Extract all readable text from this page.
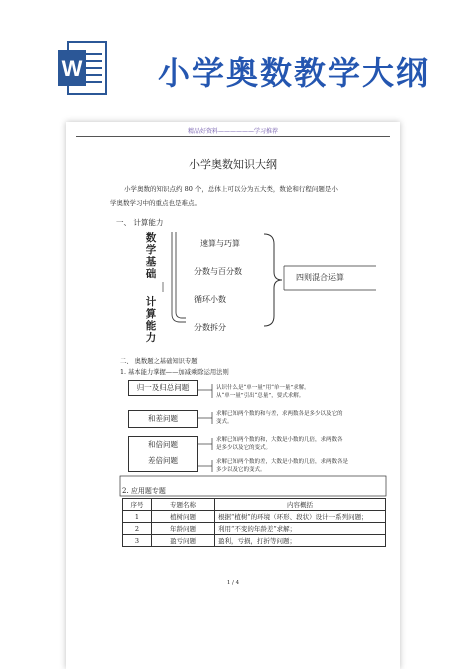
W 小学奥数教学大纲
精品好资料——————学习推荐
小学奥数知识大纲
小学奥数的知识点约 80 个，总体上可以分为五大类，数论和行程问题是小
学奥数学习中的重点也是难点。
一、 计算能力
数
学
基
础
计
算
能
力
速算与巧算
分数与百分数
循环小数
分数拆分
四则混合运算
二、 奥数题之基础知识专题
1. 基本能力掌握——加减乘除运用法则
归一及归总问题	认识什么是“单一量”用“单一量”求解。
从“单一量”引出“总量”，要式求解。
和差问题	求解已知两个数的和与差，求两数各是多少以及它的
变式。
和倍问题
差倍问题
求解已知两个数的和，大数是小数的几倍，求两数各
是多少以及它的变式。
求解已知两个数的差，大数是小数的几倍，求两数各是
多少以及它的变式。
2. 应用题专题
序号	专题名称	内容概括
1	植树问题	根据“植树”的环境（环形、段状）设计一系列问题；
2	年龄问题	利用“不变的年龄差”求解；
3	盈亏问题	盈利，亏损，打折等问题；
1 / 4
